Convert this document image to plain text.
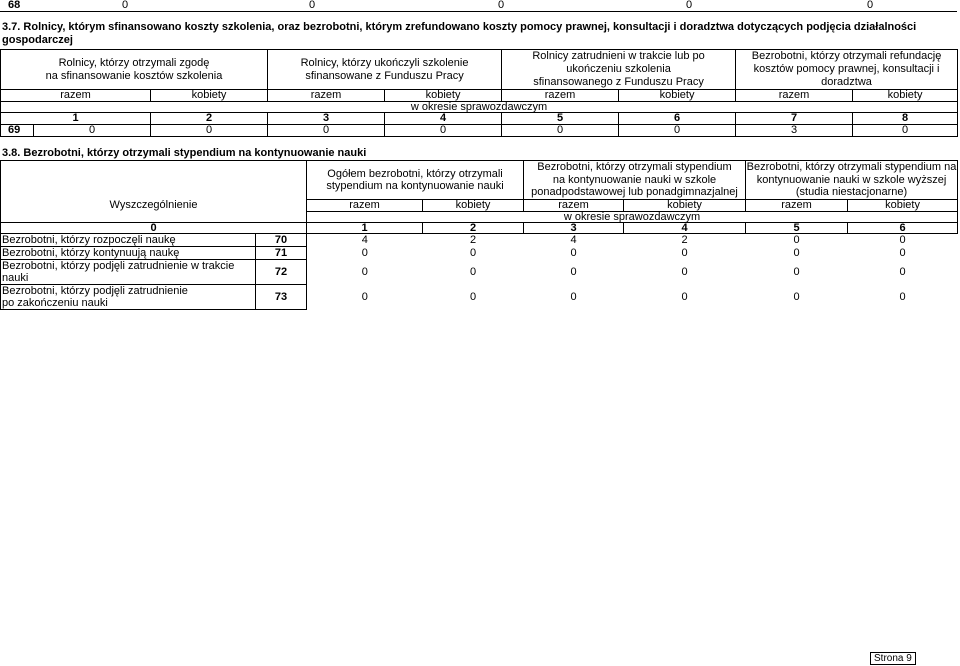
68	0	0	0	0	0
3.7. Rolnicy, którym sfinansowano koszty szkolenia, oraz bezrobotni, którym zrefundowano koszty pomocy prawnej, konsultacji i doradztwa dotyczących podjęcia działalności
gospodarczej
Rolnicy, którzy otrzymali zgodę
na sfinansowanie kosztów szkolenia			Rolnicy, którzy ukończyli szkolenie
sfinansowane z Funduszu Pracy		Rolnicy zatrudnieni w trakcie lub po
ukończeniu szkolenia
sfinansowanego z Funduszu Pracy		Bezrobotni, którzy otrzymali refundację
kosztów pomocy prawnej, konsultacji i
doradztwa	

razem		kobiety	razem	kobiety	razem	kobiety	razem	kobiety
w okresie sprawozdawczym								
1		2	3	4	5	6	7	8
69	0	0	0	0	0	0	3	0
3.8. Bezrobotni, którzy otrzymali stypendium na kontynuowanie nauki
Wyszczególnienie		Ogółem bezrobotni, którzy otrzymali
stypendium na kontynuowanie nauki		Bezrobotni, którzy otrzymali stypendium
na kontynuowanie nauki w szkole
ponadpodstawowej lub ponadgimnazjalnej		Bezrobotni, którzy otrzymali stypendium na
kontynuowanie nauki w szkole wyższej
(studia niestacjonarne)	

		razem	kobiety	razem	kobiety	razem	kobiety
		w okresie sprawozdawczym					
0		1	2	3	4	5	6

Bezrobotni, którzy rozpoczęli naukę	70	4	2	4	2	0	0

Bezrobotni, którzy kontynuują naukę	71	0	0	0	0	0	0

Bezrobotni, którzy podjęli zatrudnienie w trakcie
nauki	72	0	0	0	0	0	0

Bezrobotni, którzy podjęli zatrudnienie
po zakończeniu nauki	73	0	0	0	0	0	0
Strona 9
